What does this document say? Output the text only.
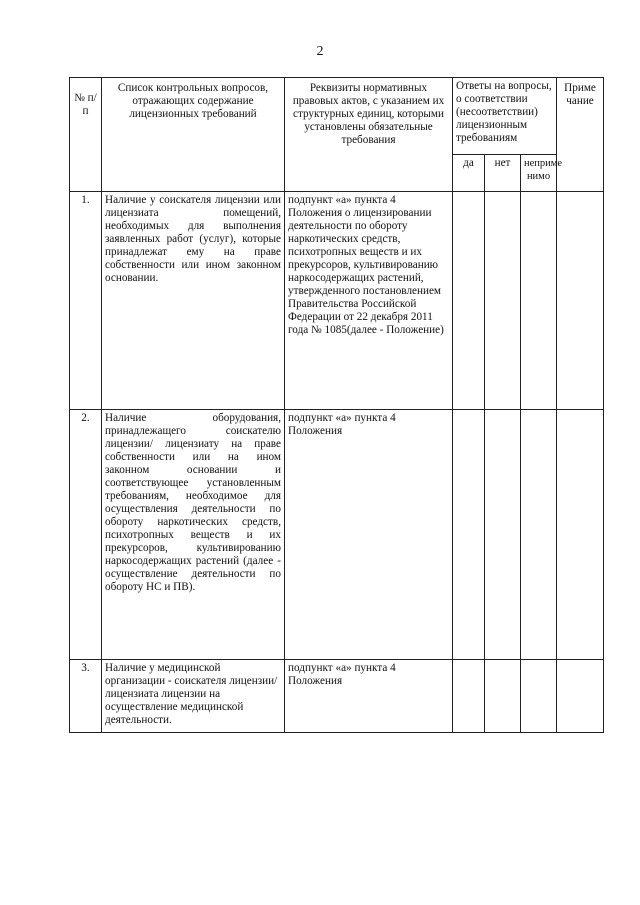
2
№ п/п	Список контрольных вопросов, отражающих содержание лицензионных требований	Реквизиты нормативных правовых актов, с указанием их структурных единиц, которыми установлены обязательные требования	Ответы на вопросы, о соответствии (несоответствии) лицензионным требованиям			Приме чание
			да	нет	неприме нимо	
1.	Наличие у соискателя лицензии или лицензиата помещений, необходимых для выполнения заявленных работ (услуг), которые принадлежат ему на праве собственности или ином законном основании.	подпункт «а» пункта 4 Положения о лицензировании деятельности по обороту наркотических средств, психотропных веществ и их прекурсоров, культивированию наркосодержащих растений, утвержденного постановлением Правительства Российской Федерации от 22 декабря 2011 года № 1085(далее - Положение)				
2.	Наличие оборудования, принадлежащего соискателю лицензии/ лицензиату на праве собственности или на ином законном основании и соответствующее установленным требованиям, необходимое для осуществления деятельности по обороту наркотических средств, психотропных веществ и их прекурсоров, культивированию наркосодержащих растений (далее - осуществление деятельности по обороту НС и ПВ).	подпункт «а» пункта 4 Положения				
3.	Наличие у медицинской организации - соискателя лицензии/ лицензиата лицензии на осуществление медицинской деятельности.	подпункт «а» пункта 4 Положения				
